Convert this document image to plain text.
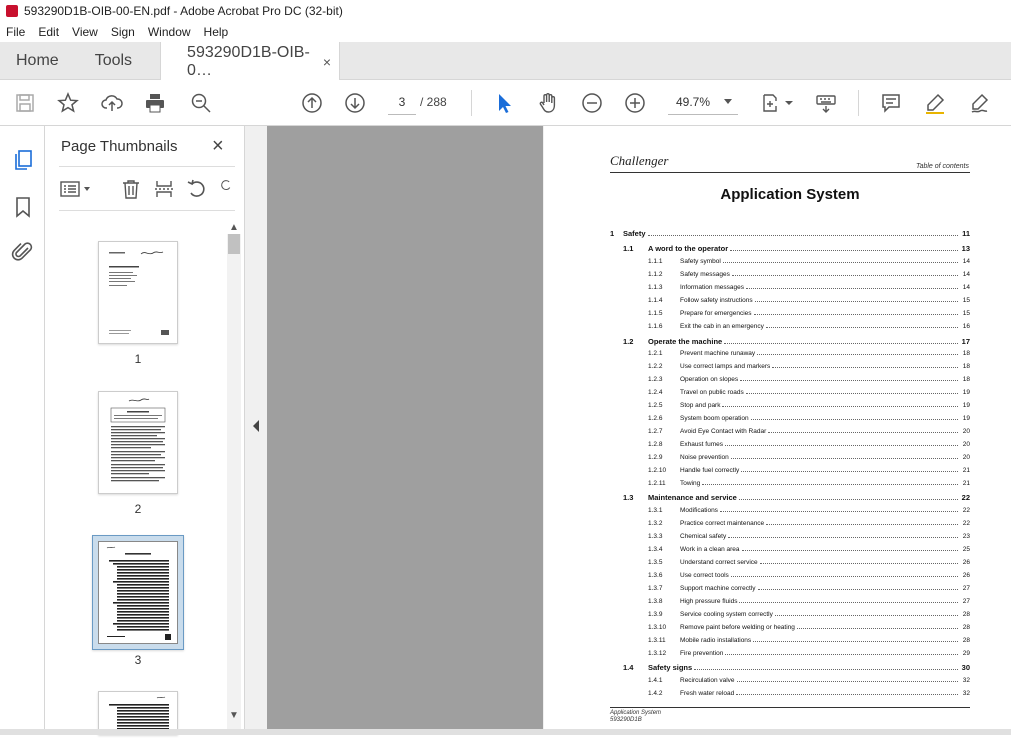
593290D1B-OIB-00-EN.pdf - Adobe Acrobat Pro DC (32-bit)
File Edit View Sign Window Help
Home	Tools	593290D1B-OIB-0…	×
3	/ 288	49.7%
Page Thumbnails ×
1
2
3
▲
▼
Challenger	Table of contents
Application System
1	Safety	11
1.1	A word to the operator	13
1.1.1	Safety symbol	14
1.1.2	Safety messages	14
1.1.3	Information messages	14
1.1.4	Follow safety instructions	15
1.1.5	Prepare for emergencies	15
1.1.6	Exit the cab in an emergency	16
1.2	Operate the machine	17
1.2.1	Prevent machine runaway	18
1.2.2	Use correct lamps and markers	18
1.2.3	Operation on slopes	18
1.2.4	Travel on public roads	19
1.2.5	Stop and park	19
1.2.6	System boom operation	19
1.2.7	Avoid Eye Contact with Radar	20
1.2.8	Exhaust fumes	20
1.2.9	Noise prevention	20
1.2.10	Handle fuel correctly	21
1.2.11	Towing	21
1.3	Maintenance and service	22
1.3.1	Modifications	22
1.3.2	Practice correct maintenance	22
1.3.3	Chemical safety	23
1.3.4	Work in a clean area	25
1.3.5	Understand correct service	26
1.3.6	Use correct tools	26
1.3.7	Support machine correctly	27
1.3.8	High pressure fluids	27
1.3.9	Service cooling system correctly	28
1.3.10	Remove paint before welding or heating	28
1.3.11	Mobile radio installations	28
1.3.12	Fire prevention	29
1.4	Safety signs	30
1.4.1	Recirculation valve	32
1.4.2	Fresh water reload	32
Application System
593290D1B
